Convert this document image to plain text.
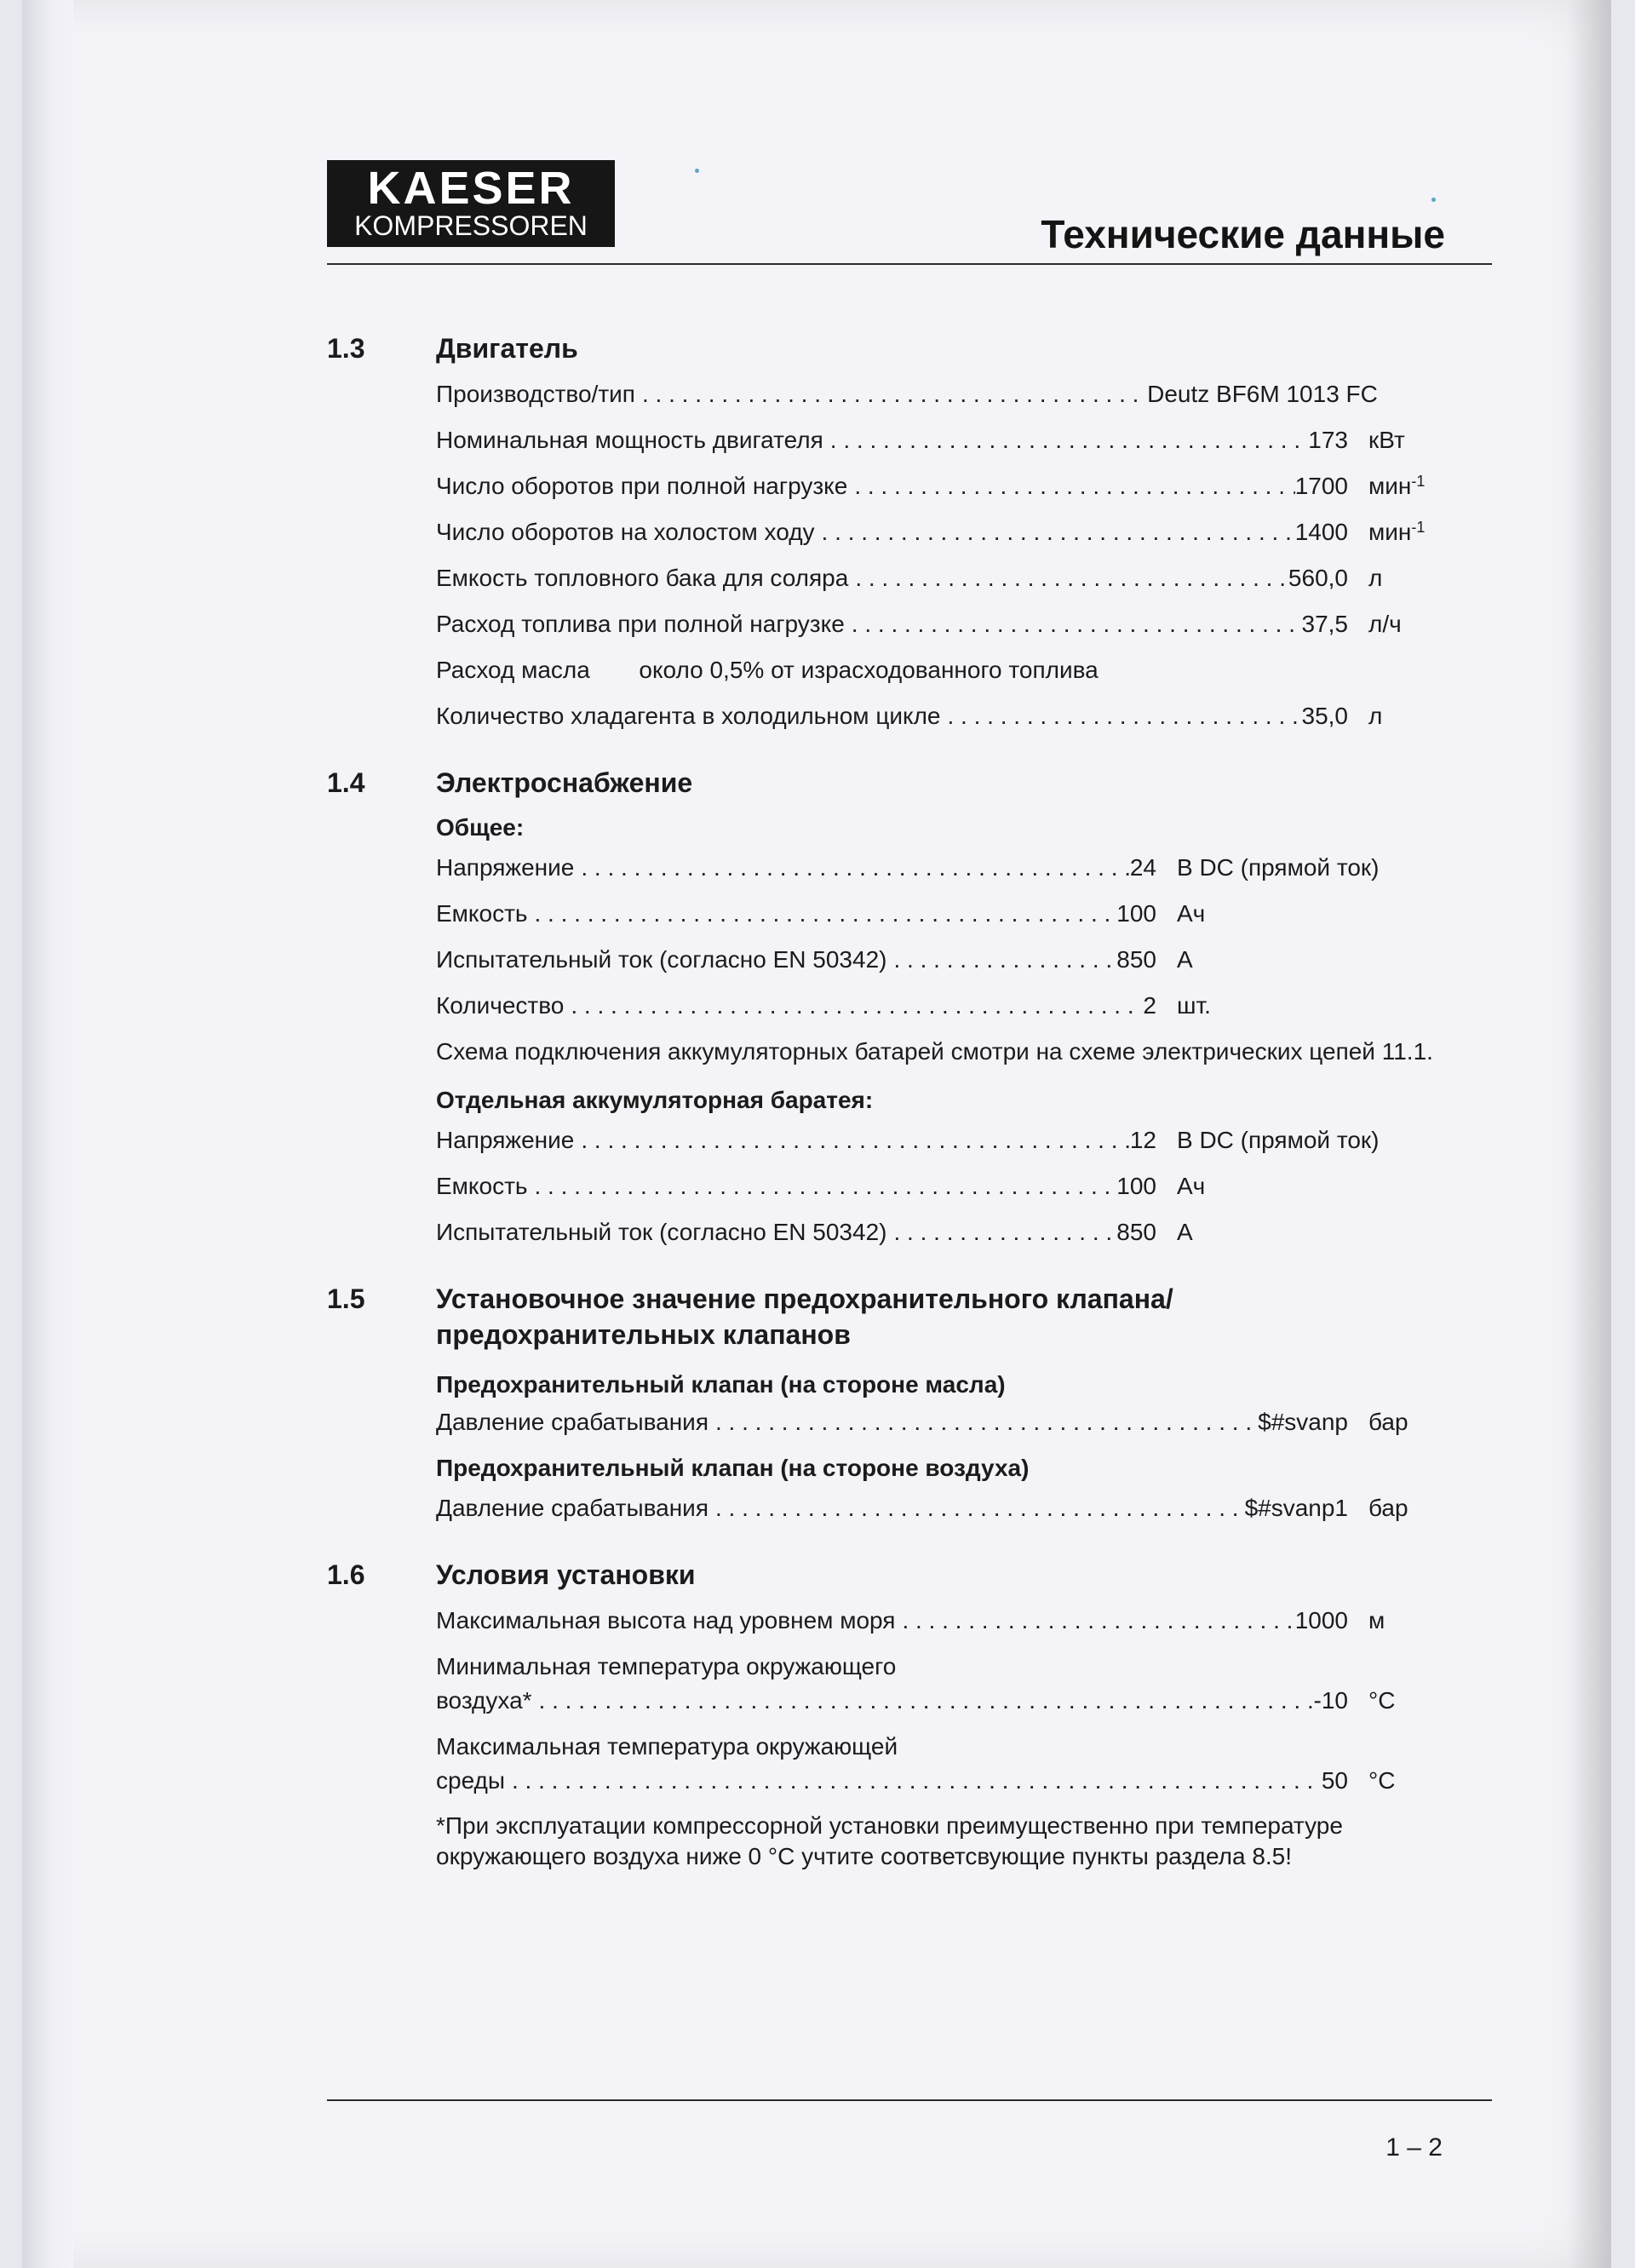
KAESER
KOMPRESSOREN	Технические данные
1.3	Двигатель
Производство/тип . . .	Deutz BF6M 1013 FC
Номинальная мощность двигателя . . .	173 кВт
Число оборотов при полной нагрузке . . .	1700 мин$^{-1}$
Число оборотов на холостом ходу . . .	1400 мин$^{-1}$
Емкость топловного бака для соляра . . .	560,0 л
Расход топлива при полной нагрузке . . .	37,5 л/ч
Расход масла около 0,5% от израсходованного топлива
Количество хладагента в холодильном цикле . . .	35,0 л
1.4	Электроснабжение
Общее:
Напряжение . . .	24 В DC (прямой ток)
Емкость . . .	100 Ач
Испытательный ток (согласно EN 50342) . . .	850 А
Количество . . .	2 шт.
Схема подключения аккумуляторных батарей смотри на схеме электрических цепей 11.1.
Отдельная аккумуляторная баратея:
Напряжение . . .	12 В DC (прямой ток)
Емкость . . .	100 Ач
Испытательный ток (согласно EN 50342) . . .	850 А
1.5	Установочное значение предохранительного клапана/
предохранительных клапанов
Предохранительный клапан (на стороне масла)
Давление срабатывания . . .	$#svanp бар
Предохранительный клапан (на стороне воздуха)
Давление срабатывания . . .	$#svanp1 бар
1.6	Условия установки
Максимальная высота над уровнем моря . . .	1000 м
Минимальная температура окружающего
воздуха* . . .	-10 °C
Максимальная температура окружающей
среды . . .	50 °C
*При эксплуатации компрессорной установки преимущественно при температуре окружающего воздуха ниже 0 °C учтите соответсвующие пункты раздела 8.5!
1 – 2
